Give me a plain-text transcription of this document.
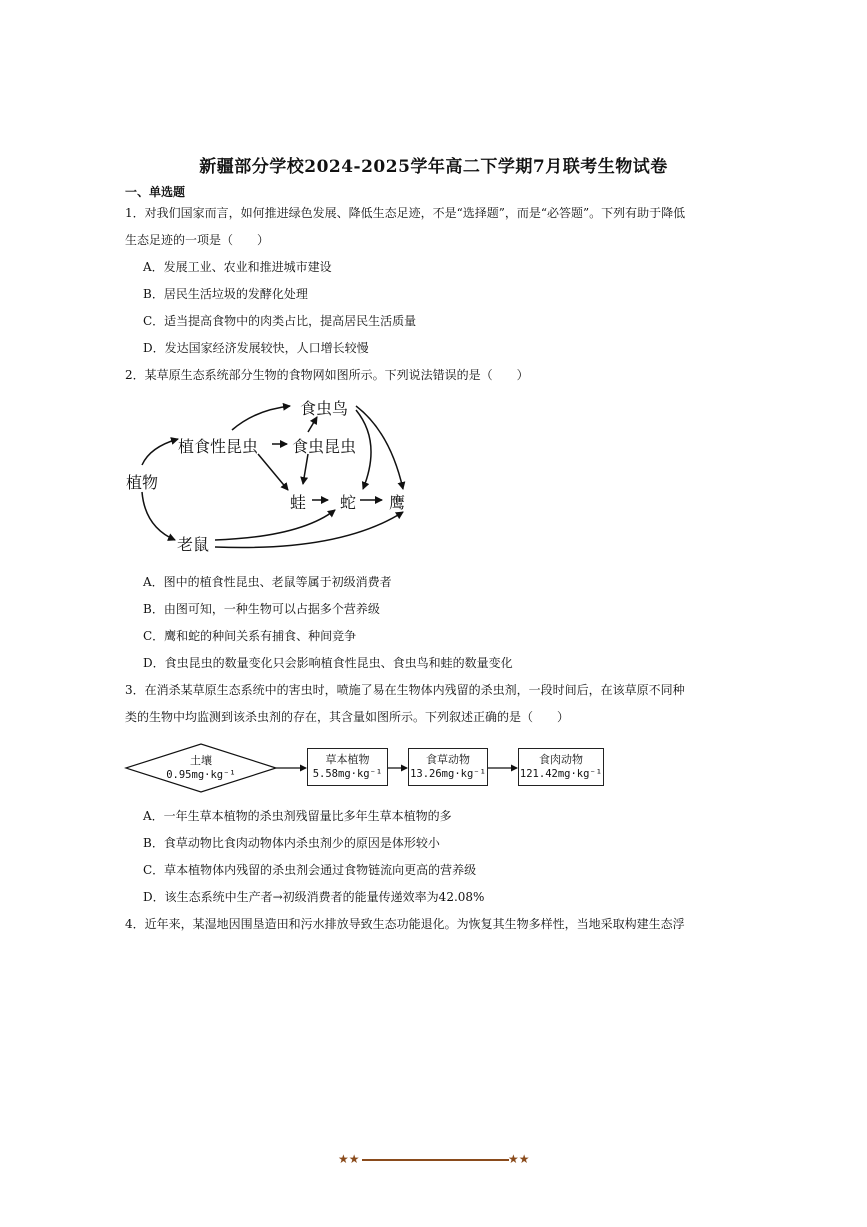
新疆部分学校2024-2025学年高二下学期7月联考生物试卷
一、单选题
1．对我们国家而言，如何推进绿色发展、降低生态足迹，不是“选择题”，而是“必答题”。下列有助于降低
生态足迹的一项是（　　）
A．发展工业、农业和推进城市建设
B．居民生活垃圾的发酵化处理
C．适当提高食物中的肉类占比，提高居民生活质量
D．发达国家经济发展较快，人口增长较慢
2．某草原生态系统部分生物的食物网如图所示。下列说法错误的是（　　）
食虫鸟
植食性昆虫 食虫昆虫
植物
蛙 蛇 鹰
老鼠
A．图中的植食性昆虫、老鼠等属于初级消费者
B．由图可知，一种生物可以占据多个营养级
C．鹰和蛇的种间关系有捕食、种间竞争
D．食虫昆虫的数量变化只会影响植食性昆虫、食虫鸟和蛙的数量变化
3．在消杀某草原生态系统中的害虫时，喷施了易在生物体内残留的杀虫剂，一段时间后，在该草原不同种
类的生物中均监测到该杀虫剂的存在，其含量如图所示。下列叙述正确的是（　　）
土壤
0.95mg·kg⁻¹
草本植物
5.58mg·kg⁻¹
食草动物
13.26mg·kg⁻¹
食肉动物
121.42mg·kg⁻¹
A．一年生草本植物的杀虫剂残留量比多年生草本植物的多
B．食草动物比食肉动物体内杀虫剂少的原因是体形较小
C．草本植物体内残留的杀虫剂会通过食物链流向更高的营养级
D．该生态系统中生产者→初级消费者的能量传递效率为42.08%
4．近年来，某湿地因围垦造田和污水排放导致生态功能退化。为恢复其生物多样性，当地采取构建生态浮
★★	★★
